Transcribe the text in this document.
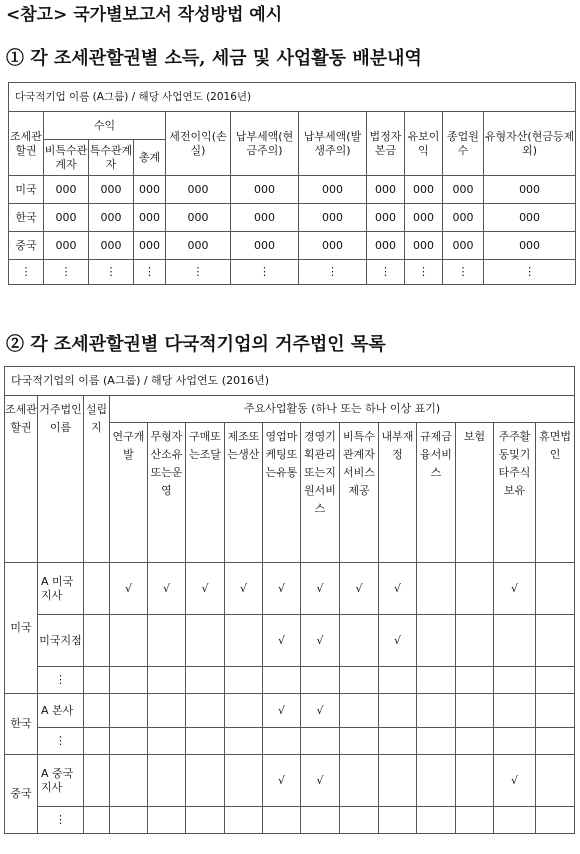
<참고> 국가별보고서 작성방법 예시
① 각 조세관할권별 소득, 세금 및 사업활동 배분내역
다국적기업 이름 (A그룹) / 해당 사업연도 (2016년)										
조세관할권	수익			세전이익(손실)	납부세액(현금주의)	납부세액(발생주의)	법정자본금	유보이익	종업원수	유형자산(현금등제외)
	비특수관계자	특수관계자	총계							
미국	000	000	000	000	000	000	000	000	000	000
한국	000	000	000	000	000	000	000	000	000	000
중국	000	000	000	000	000	000	000	000	000	000
⋮	⋮	⋮	⋮	⋮	⋮	⋮	⋮	⋮	⋮	⋮
② 각 조세관할권별 다국적기업의 거주법인 목록
다국적기업의 이름 (A그룹) / 해당 사업연도 (2016년)														
조세관할권	거주법인이름	설립지	주요사업활동 (하나 또는 하나 이상 표기)											
			연구개발	무형자산소유또는운영	구매또는조달	제조또는생산	영업마케팅또는유통	경영기획관리또는지원서비스	비특수관계자서비스제공	내부재정	규제금융서비스	보험	주주활동및기타주식보유	휴면법인
미국	A 미국지사		√	√	√	√	√	√	√	√			√	
	미국지점						√	√		√				
	⋮													
한국	A 본사						√	√						
	⋮													
중국	A 중국지사						√	√					√	
	⋮													
